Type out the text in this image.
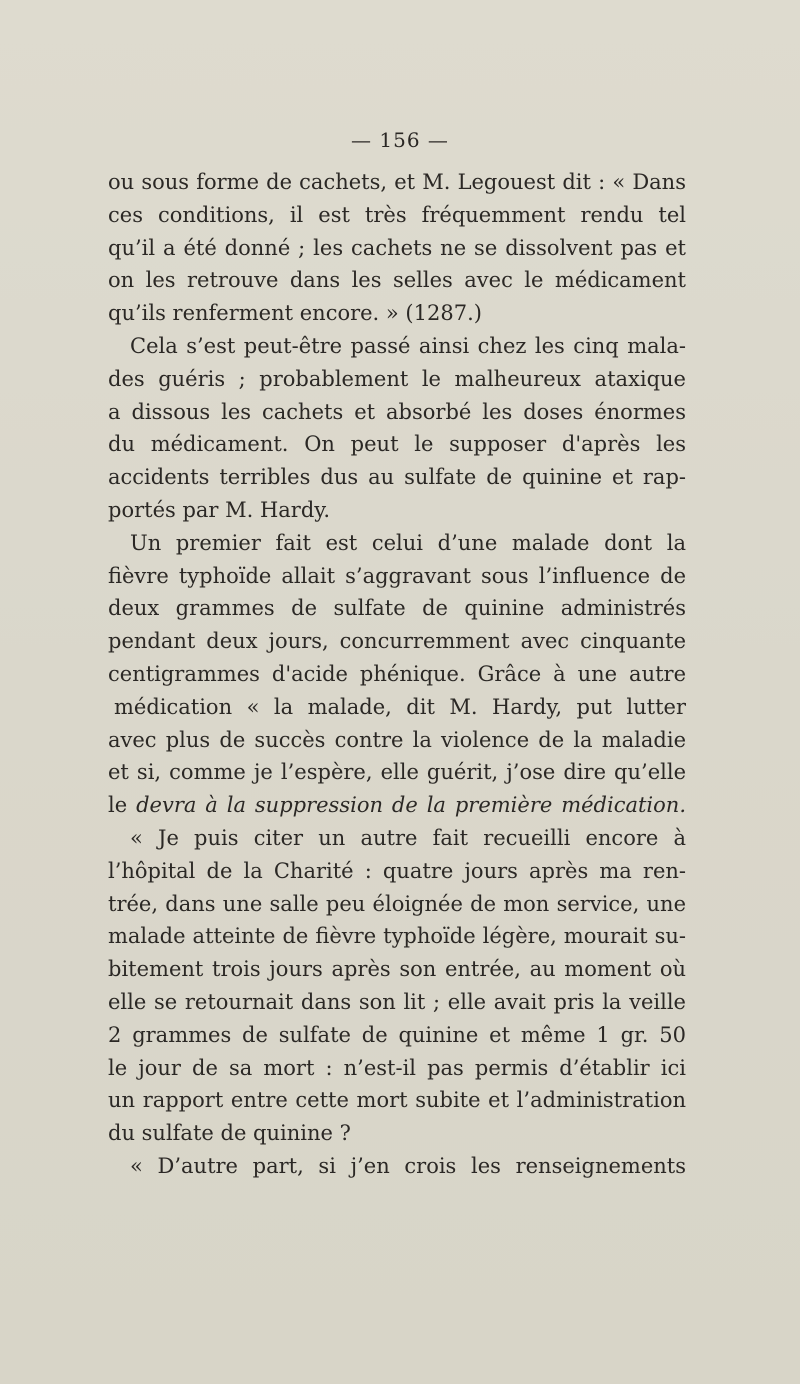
— 156 —
ou sous forme de cachets, et M. Legouest dit : « Dans
ces conditions, il est très fréquemment rendu tel
qu’il a été donné ; les cachets ne se dissolvent pas et
on les retrouve dans les selles avec le médicament
qu’ils renferment encore. » (1287.)
Cela s’est peut-être passé ainsi chez les cinq mala-
des guéris ; probablement le malheureux ataxique
a dissous les cachets et absorbé les doses énormes
du médicament. On peut le supposer d'après les
accidents terribles dus au sulfate de quinine et rap-
portés par M. Hardy.
Un premier fait est celui d’une malade dont la
fièvre typhoïde allait s’aggravant sous l’influence de
deux grammes de sulfate de quinine administrés
pendant deux jours, concurremment avec cinquante
centigrammes d'acide phénique. Grâce à une autre
médication « la malade, dit M. Hardy, put lutter
avec plus de succès contre la violence de la maladie
et si, comme je l’espère, elle guérit, j’ose dire qu’elle
le devra à la suppression de la première médication.
« Je puis citer un autre fait recueilli encore à
l’hôpital de la Charité : quatre jours après ma ren-
trée, dans une salle peu éloignée de mon service, une
malade atteinte de fièvre typhoïde légère, mourait su-
bitement trois jours après son entrée, au moment où
elle se retournait dans son lit ; elle avait pris la veille
2 grammes de sulfate de quinine et même 1 gr. 50
le jour de sa mort : n’est-il pas permis d’établir ici
un rapport entre cette mort subite et l’administration
du sulfate de quinine ?
« D’autre part, si j’en crois les renseignements
